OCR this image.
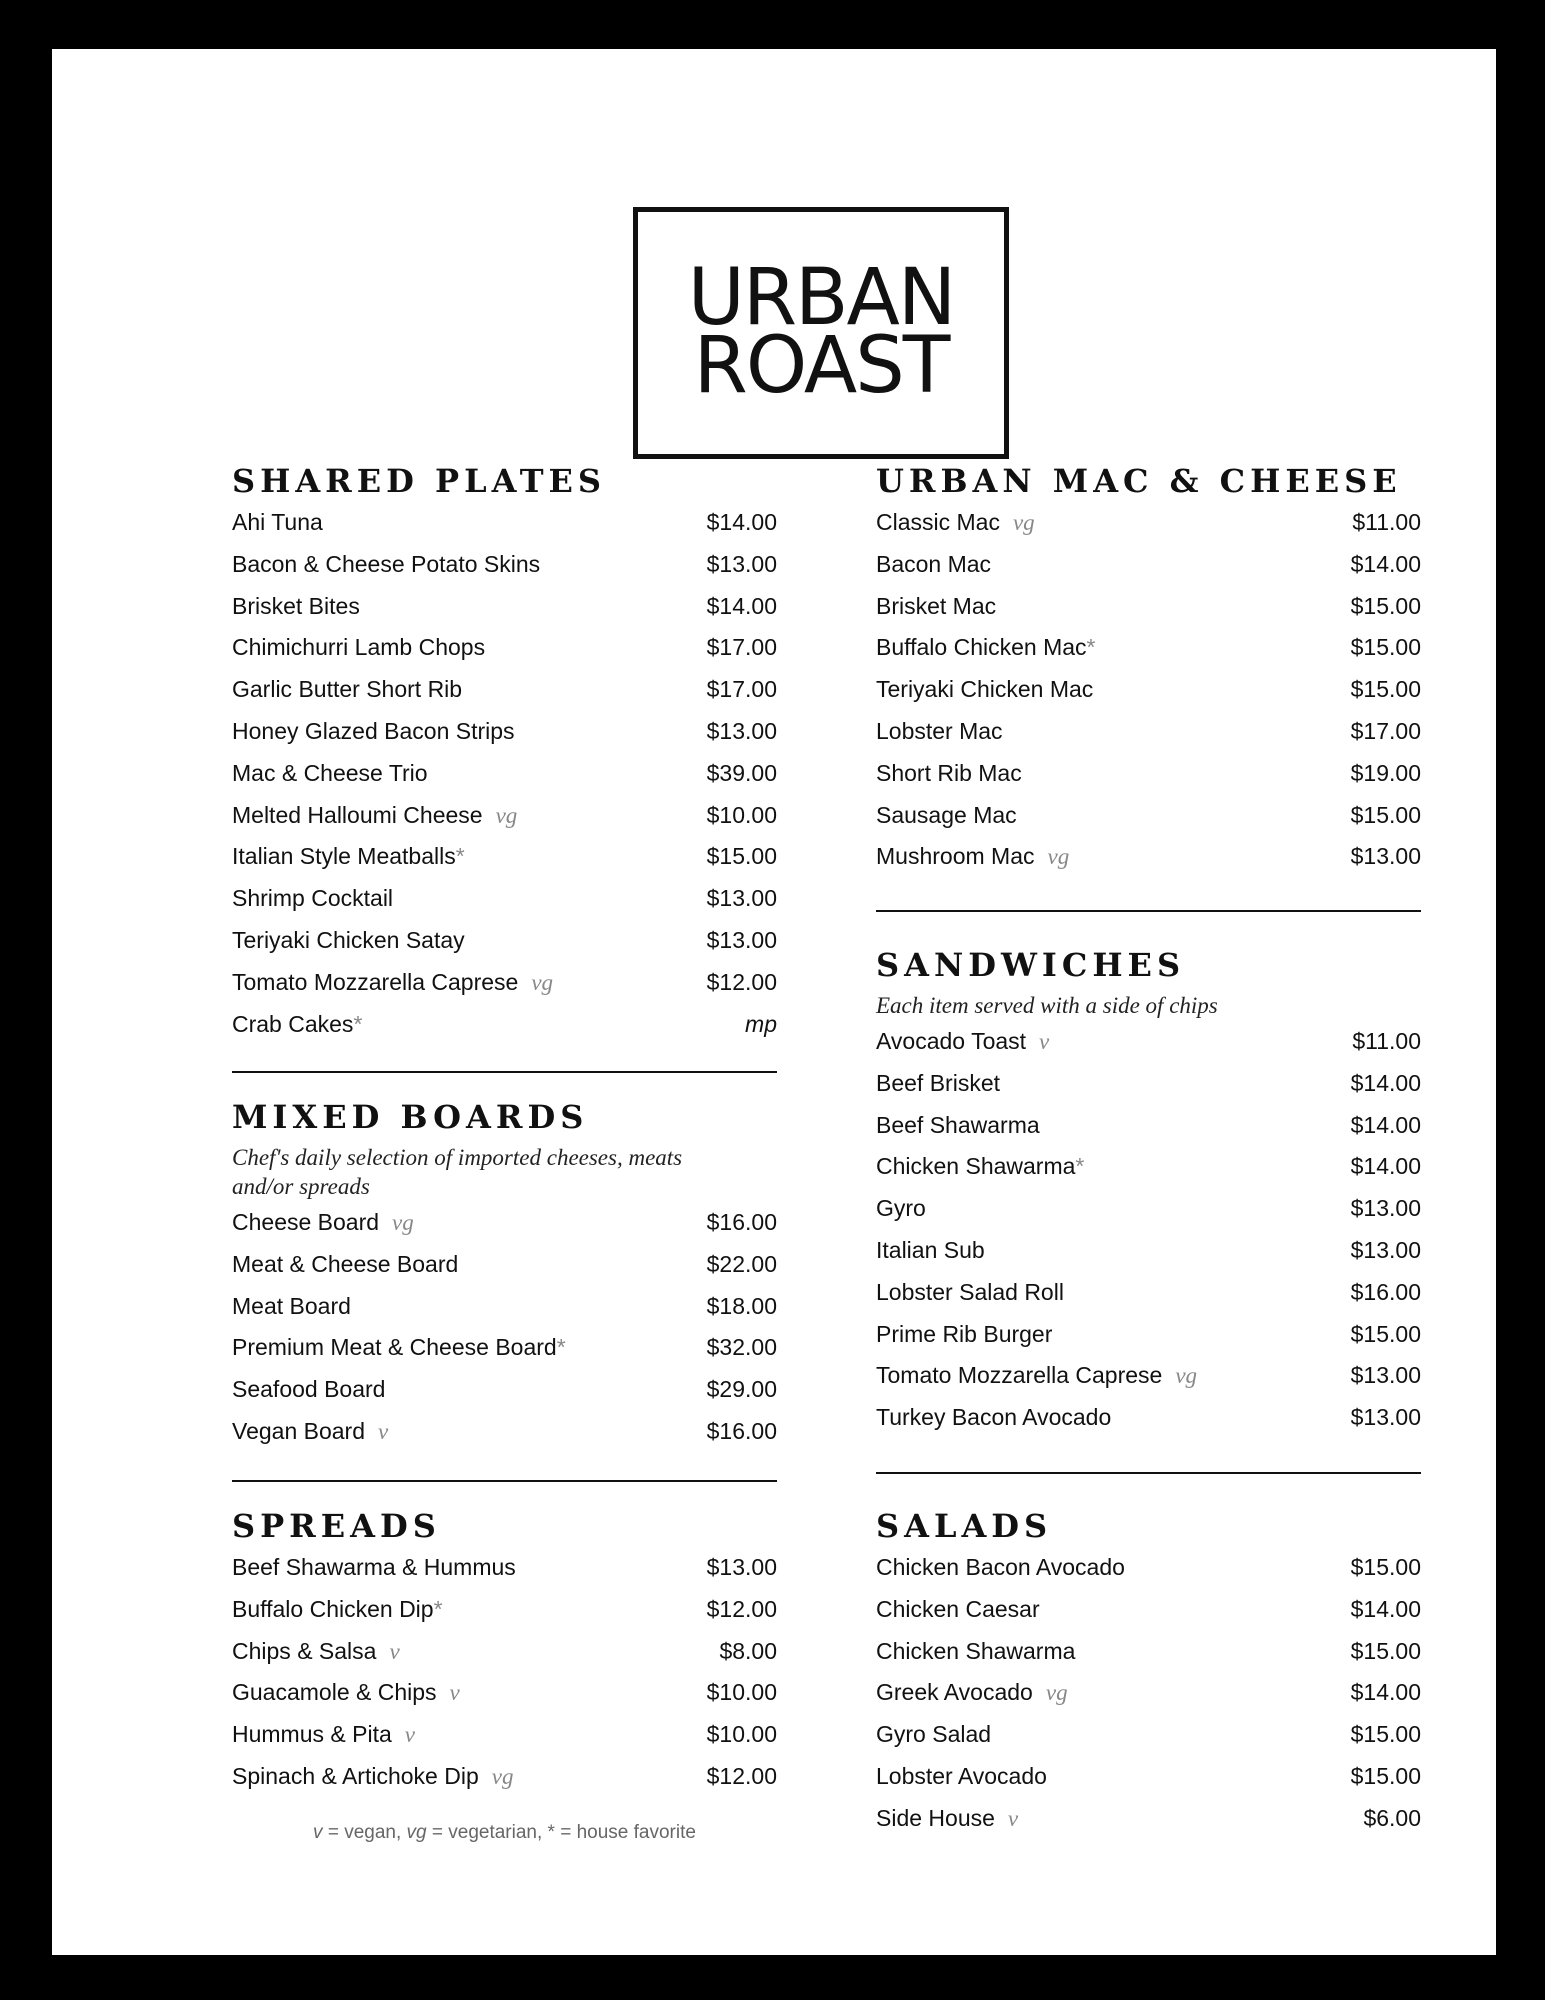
URBAN
ROAST
SHARED PLATES
Ahi Tuna	$14.00
Bacon & Cheese Potato Skins	$13.00
Brisket Bites	$14.00
Chimichurri Lamb Chops	$17.00
Garlic Butter Short Rib	$17.00
Honey Glazed Bacon Strips	$13.00
Mac & Cheese Trio	$39.00
Melted Halloumi Cheese vg	$10.00
Italian Style Meatballs *	$15.00
Shrimp Cocktail	$13.00
Teriyaki Chicken Satay	$13.00
Tomato Mozzarella Caprese vg	$12.00
Crab Cakes *	mp
MIXED BOARDS
Chef's daily selection of imported cheeses, meats and/or spreads
Cheese Board vg	$16.00
Meat & Cheese Board	$22.00
Meat Board	$18.00
Premium Meat & Cheese Board *	$32.00
Seafood Board	$29.00
Vegan Board v	$16.00
SPREADS
Beef Shawarma & Hummus	$13.00
Buffalo Chicken Dip *	$12.00
Chips & Salsa v	$8.00
Guacamole & Chips v	$10.00
Hummus & Pita v	$10.00
Spinach & Artichoke Dip vg	$12.00
v = vegan, vg = vegetarian, * = house favorite
URBAN MAC & CHEESE
Classic Mac vg	$11.00
Bacon Mac	$14.00
Brisket Mac	$15.00
Buffalo Chicken Mac *	$15.00
Teriyaki Chicken Mac	$15.00
Lobster Mac	$17.00
Short Rib Mac	$19.00
Sausage Mac	$15.00
Mushroom Mac vg	$13.00
SANDWICHES
Each item served with a side of chips
Avocado Toast v	$11.00
Beef Brisket	$14.00
Beef Shawarma	$14.00
Chicken Shawarma *	$14.00
Gyro	$13.00
Italian Sub	$13.00
Lobster Salad Roll	$16.00
Prime Rib Burger	$15.00
Tomato Mozzarella Caprese vg	$13.00
Turkey Bacon Avocado	$13.00
SALADS
Chicken Bacon Avocado	$15.00
Chicken Caesar	$14.00
Chicken Shawarma	$15.00
Greek Avocado vg	$14.00
Gyro Salad	$15.00
Lobster Avocado	$15.00
Side House v	$6.00
